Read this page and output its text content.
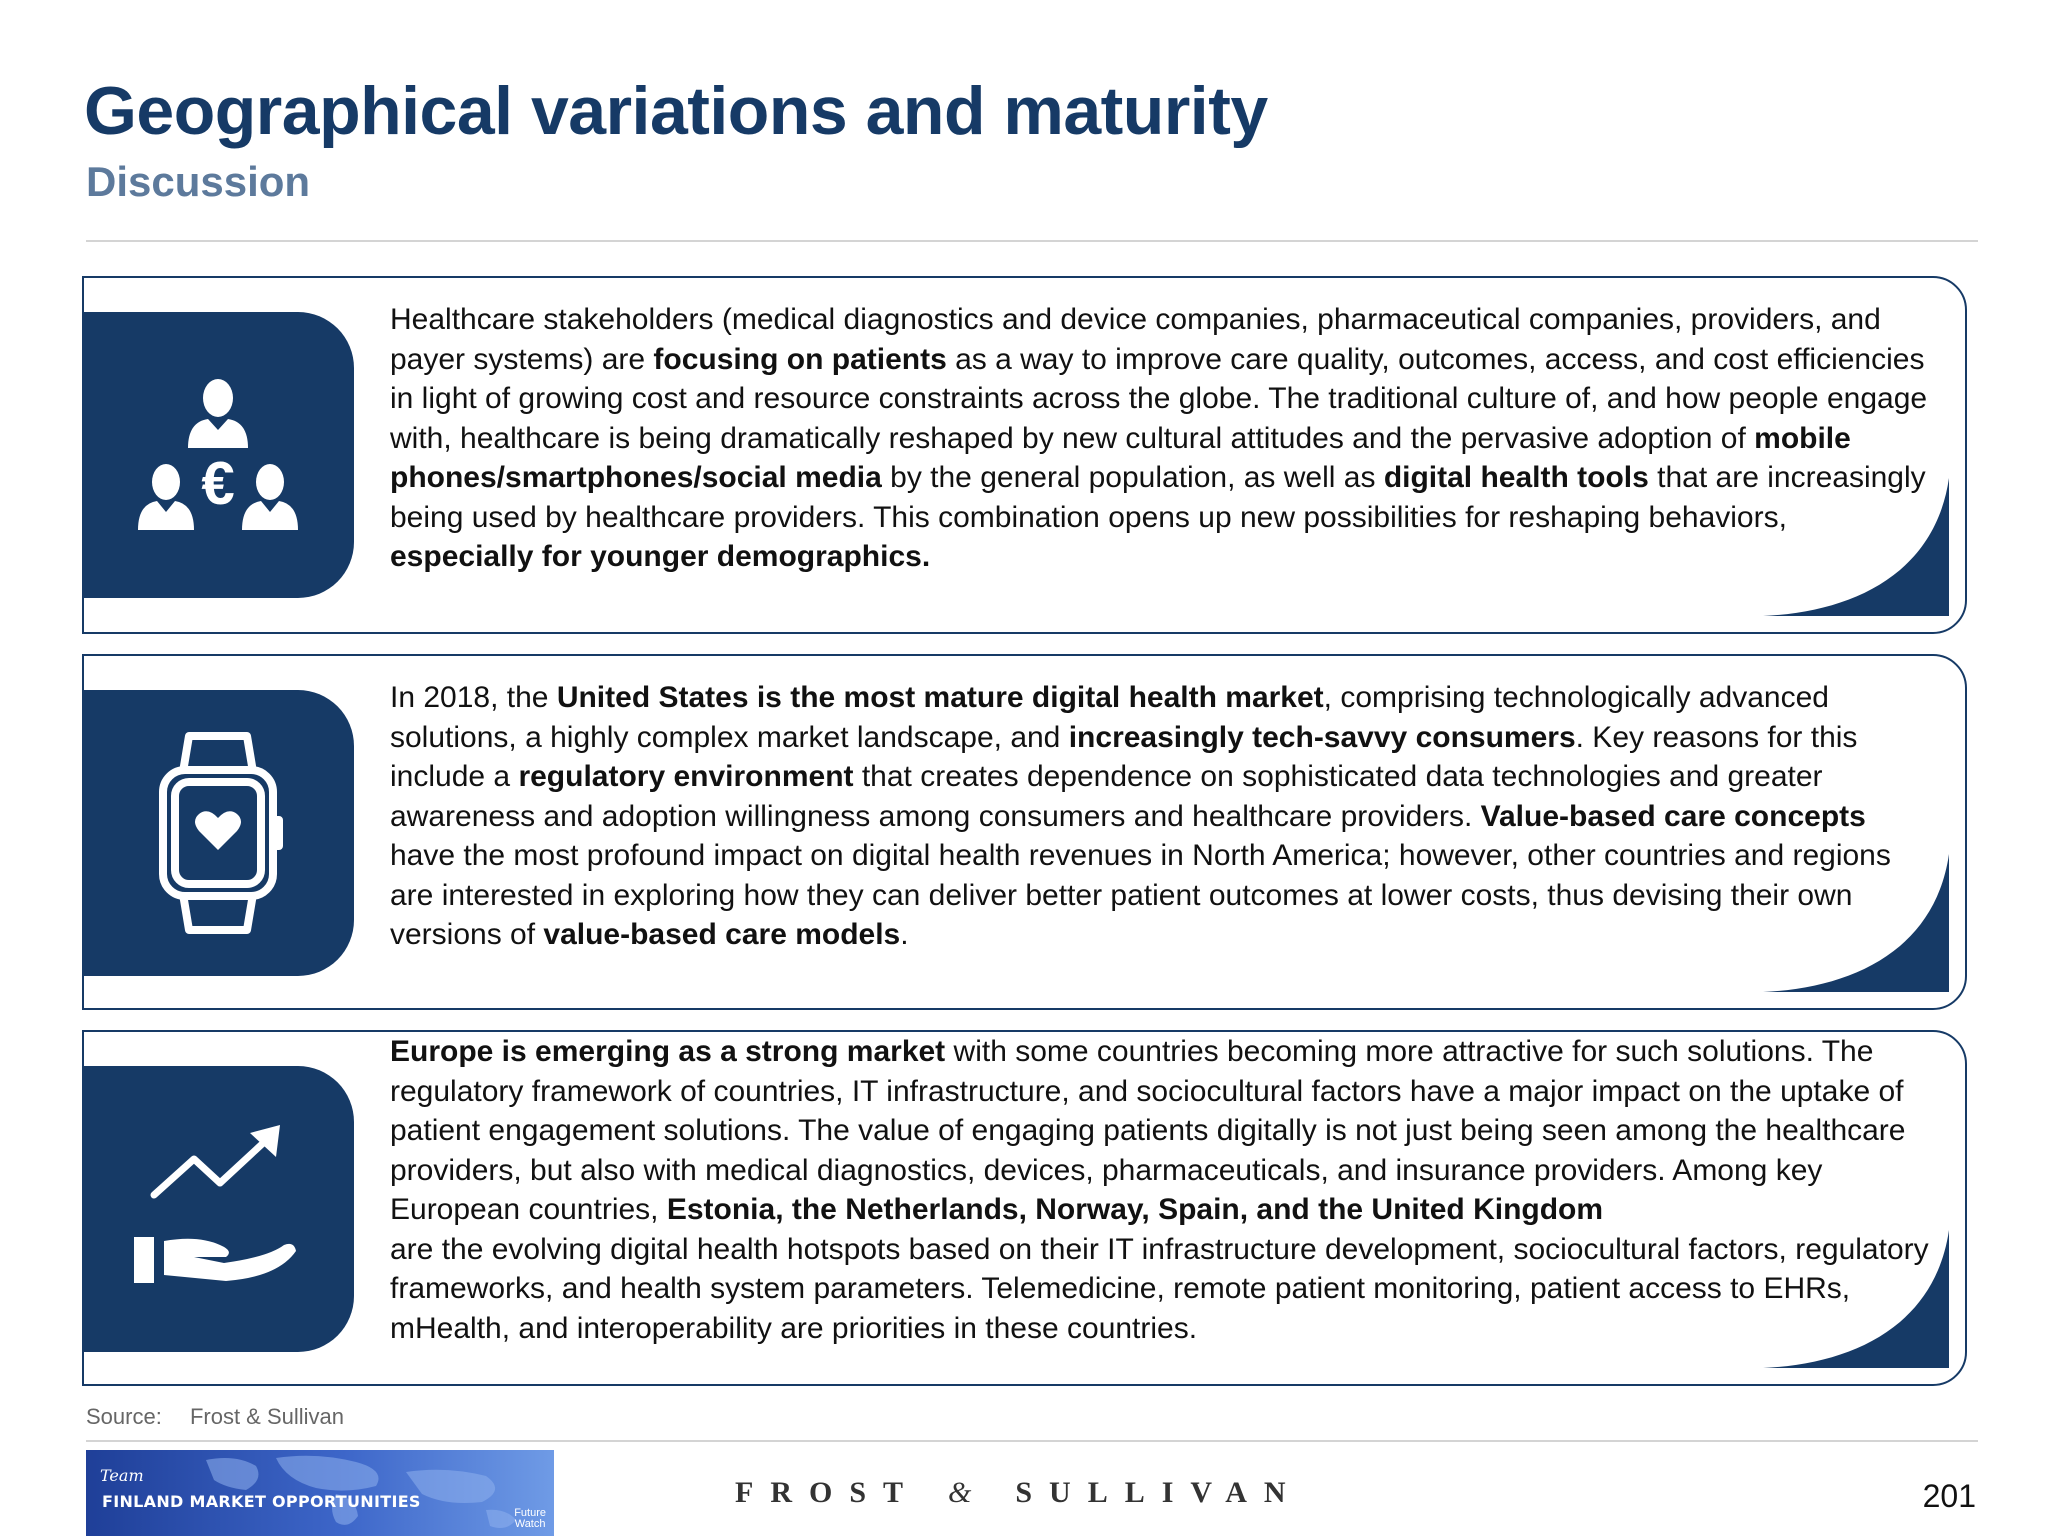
Geographical variations and maturity
Discussion
€

Healthcare stakeholders (medical diagnostics and device companies, pharmaceutical companies, providers, and payer systems) are focusing on patients as a way to improve care quality, outcomes, access, and cost efficiencies in light of growing cost and resource constraints across the globe. The traditional culture of, and how people engage with, healthcare is being dramatically reshaped by new cultural attitudes and the pervasive adoption of mobile phones/smartphones/social media by the general population, as well as digital health tools that are increasingly being used by healthcare providers. This combination opens up new possibilities for reshaping behaviors, especially for younger demographics.

In 2018, the United States is the most mature digital health market, comprising technologically advanced solutions, a highly complex market landscape, and increasingly tech-savvy consumers. Key reasons for this include a regulatory environment that creates dependence on sophisticated data technologies and greater awareness and adoption willingness among consumers and healthcare providers. Value-based care concepts have the most profound impact on digital health revenues in North America; however, other countries and regions are interested in exploring how they can deliver better patient outcomes at lower costs, thus devising their own versions of value-based care models.

Europe is emerging as a strong market with some countries becoming more attractive for such solutions. The regulatory framework of countries, IT infrastructure, and sociocultural factors have a major impact on the uptake of patient engagement solutions. The value of engaging patients digitally is not just being seen among the healthcare providers, but also with medical diagnostics, devices, pharmaceuticals, and insurance providers. Among key European countries, Estonia, the Netherlands, Norway, Spain, and the United Kingdom
are the evolving digital health hotspots based on their IT infrastructure development, sociocultural factors, regulatory frameworks, and health system parameters. Telemedicine, remote patient monitoring, patient access to EHRs, mHealth, and interoperability are priorities in these countries.

Source: Frost & Sullivan
Team
FINLAND MARKET OPPORTUNITIES
Future
Watch
FROST & SULLIVAN	201
